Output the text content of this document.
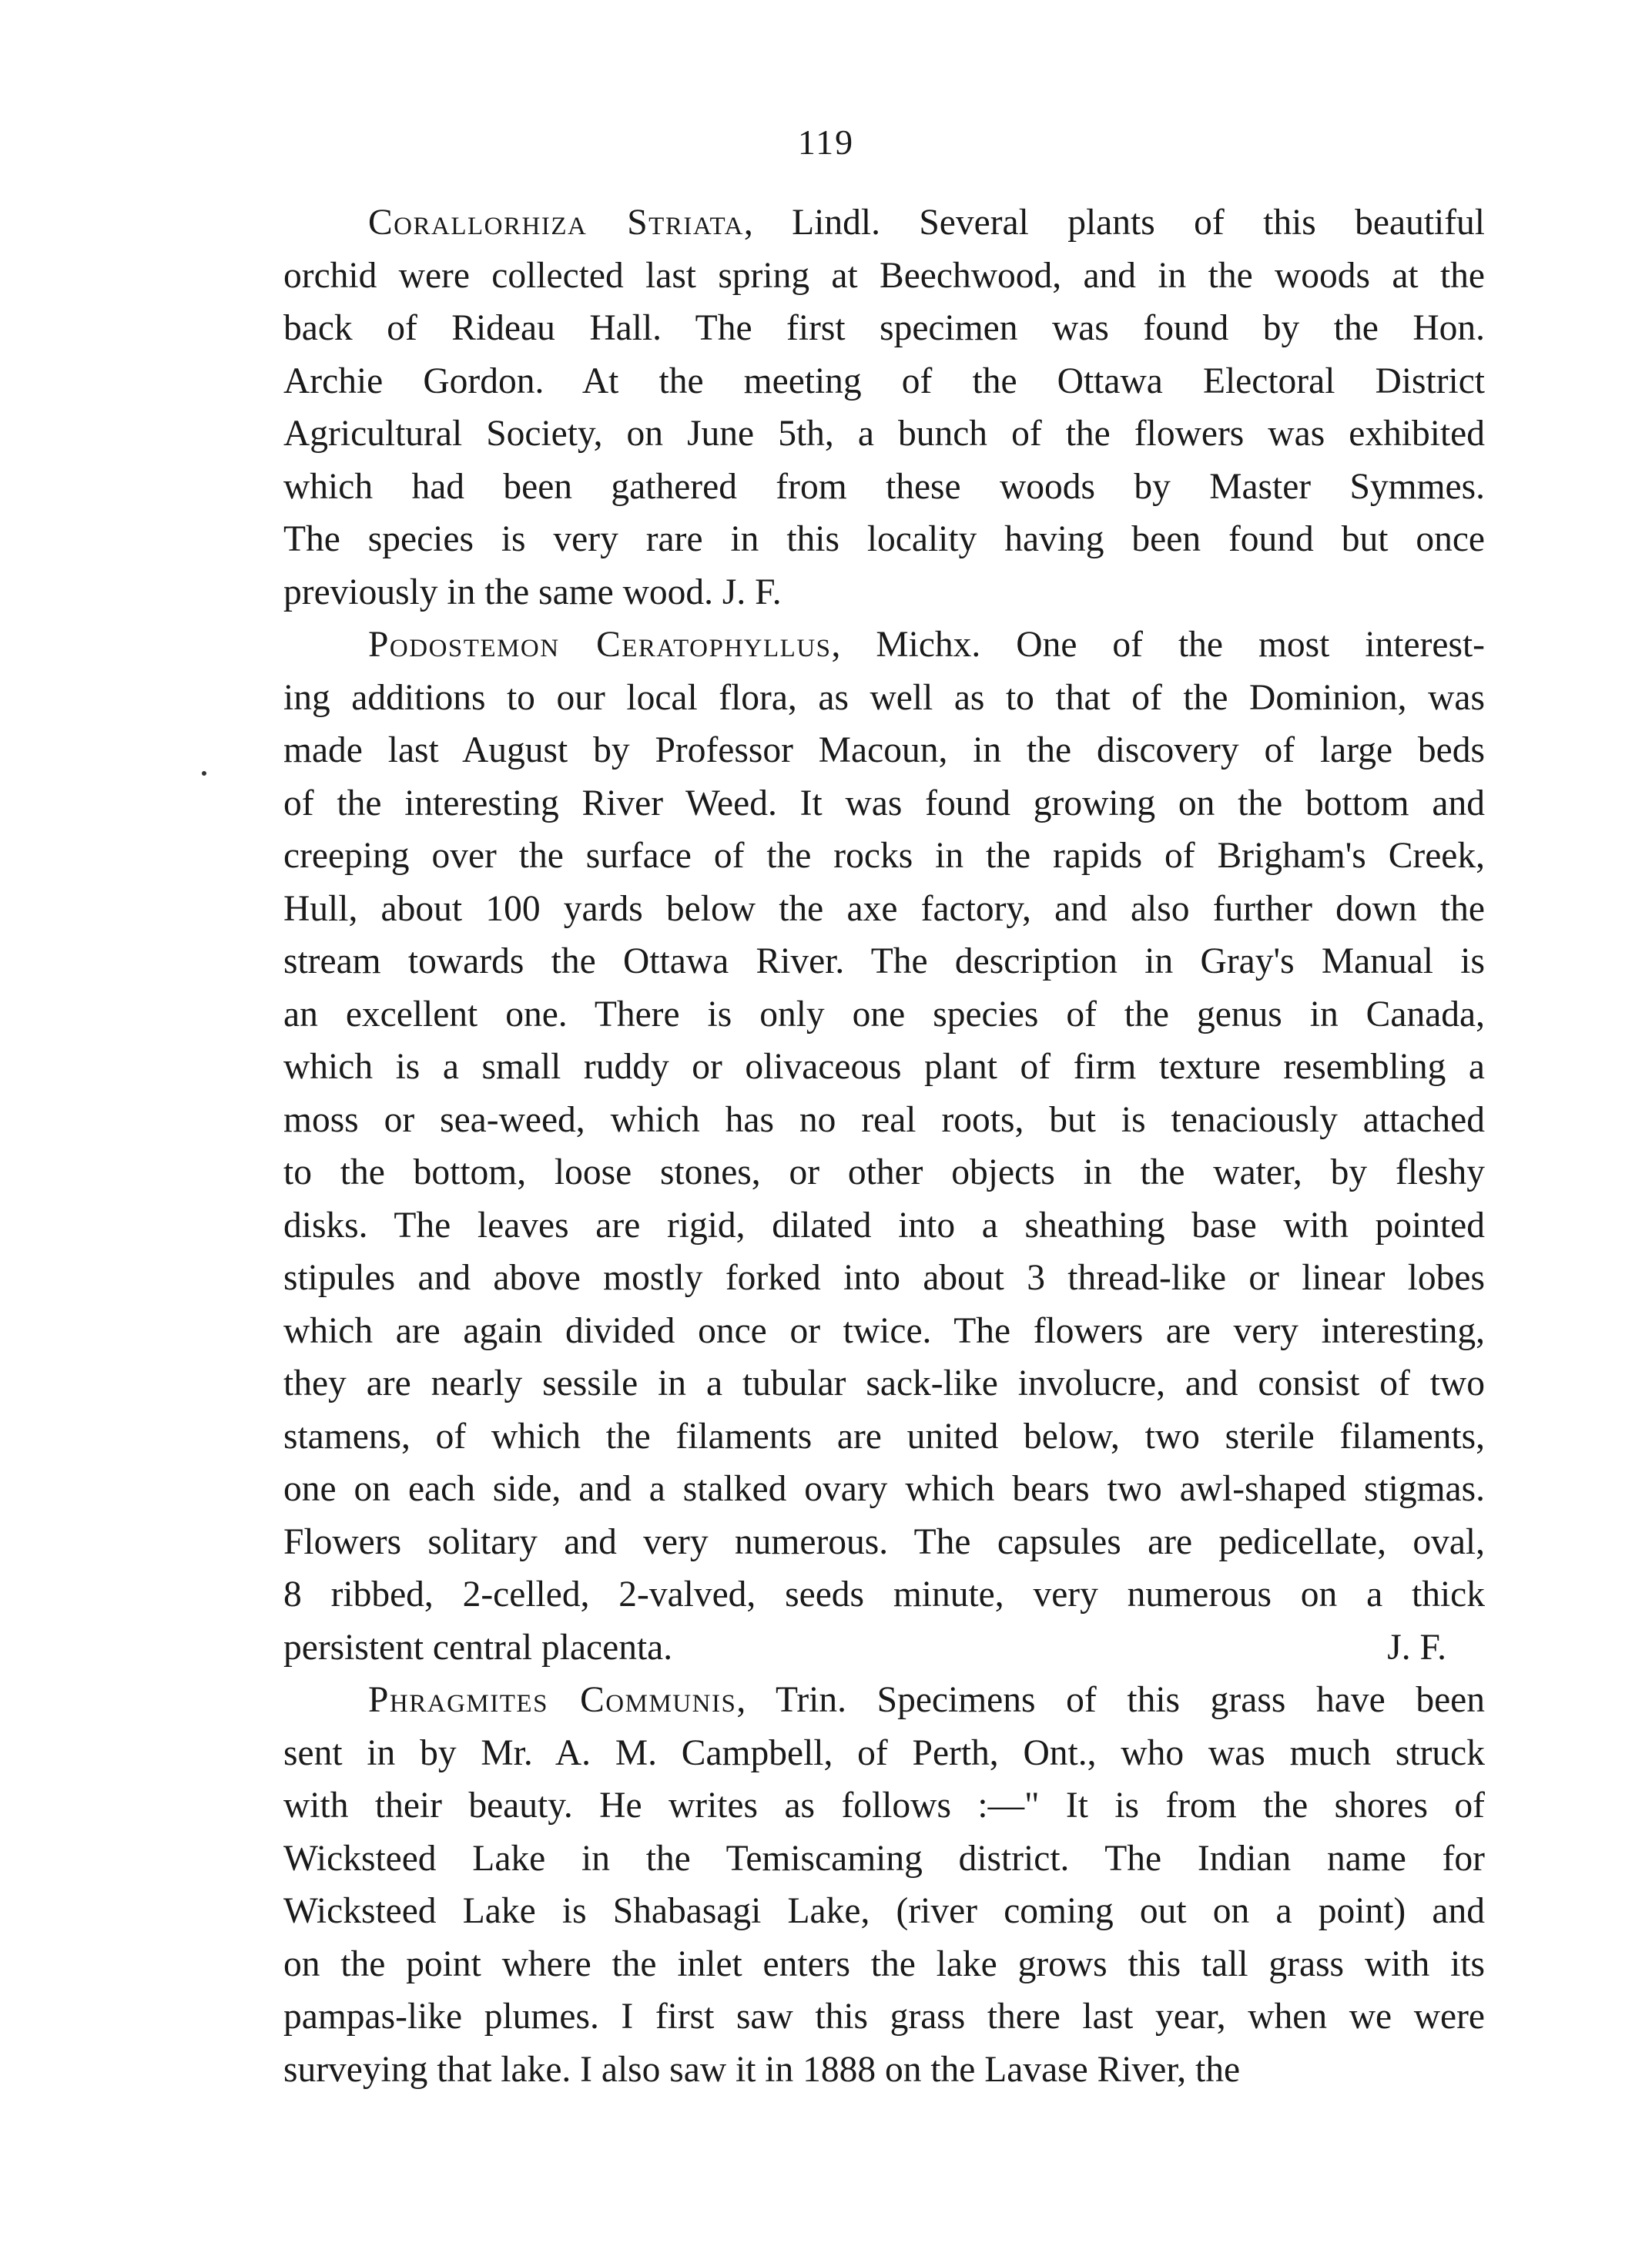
119
Corallorhiza Striata, Lindl. Several plants of this beautiful
orchid were collected last spring at Beechwood, and in the woods at the
back of Rideau Hall. The first specimen was found by the Hon.
Archie Gordon. At the meeting of the Ottawa Electoral District
Agricultural Society, on June 5th, a bunch of the flowers was exhibited
which had been gathered from these woods by Master Symmes.
The species is very rare in this locality having been found but once
previously in the same wood. J. F.
Podostemon Ceratophyllus, Michx. One of the most interest-
ing additions to our local flora, as well as to that of the Dominion, was
made last August by Professor Macoun, in the discovery of large beds
of the interesting River Weed. It was found growing on the bottom and
creeping over the surface of the rocks in the rapids of Brigham's Creek,
Hull, about 100 yards below the axe factory, and also further down the
stream towards the Ottawa River. The description in Gray's Manual is
an excellent one. There is only one species of the genus in Canada,
which is a small ruddy or olivaceous plant of firm texture resembling a
moss or sea-weed, which has no real roots, but is tenaciously attached
to the bottom, loose stones, or other objects in the water, by fleshy
disks. The leaves are rigid, dilated into a sheathing base with pointed
stipules and above mostly forked into about 3 thread-like or linear lobes
which are again divided once or twice. The flowers are very interesting,
they are nearly sessile in a tubular sack-like involucre, and consist of two
stamens, of which the filaments are united below, two sterile filaments,
one on each side, and a stalked ovary which bears two awl-shaped stigmas.
Flowers solitary and very numerous. The capsules are pedicellate, oval,
8 ribbed, 2-celled, 2-valved, seeds minute, very numerous on a thick
persistent central placenta.	J. F.
Phragmites Communis, Trin. Specimens of this grass have been
sent in by Mr. A. M. Campbell, of Perth, Ont., who was much struck
with their beauty. He writes as follows :—" It is from the shores of
Wicksteed Lake in the Temiscaming district. The Indian name for
Wicksteed Lake is Shabasagi Lake, (river coming out on a point) and
on the point where the inlet enters the lake grows this tall grass with its
pampas-like plumes. I first saw this grass there last year, when we were
surveying that lake. I also saw it in 1888 on the Lavase River, the
